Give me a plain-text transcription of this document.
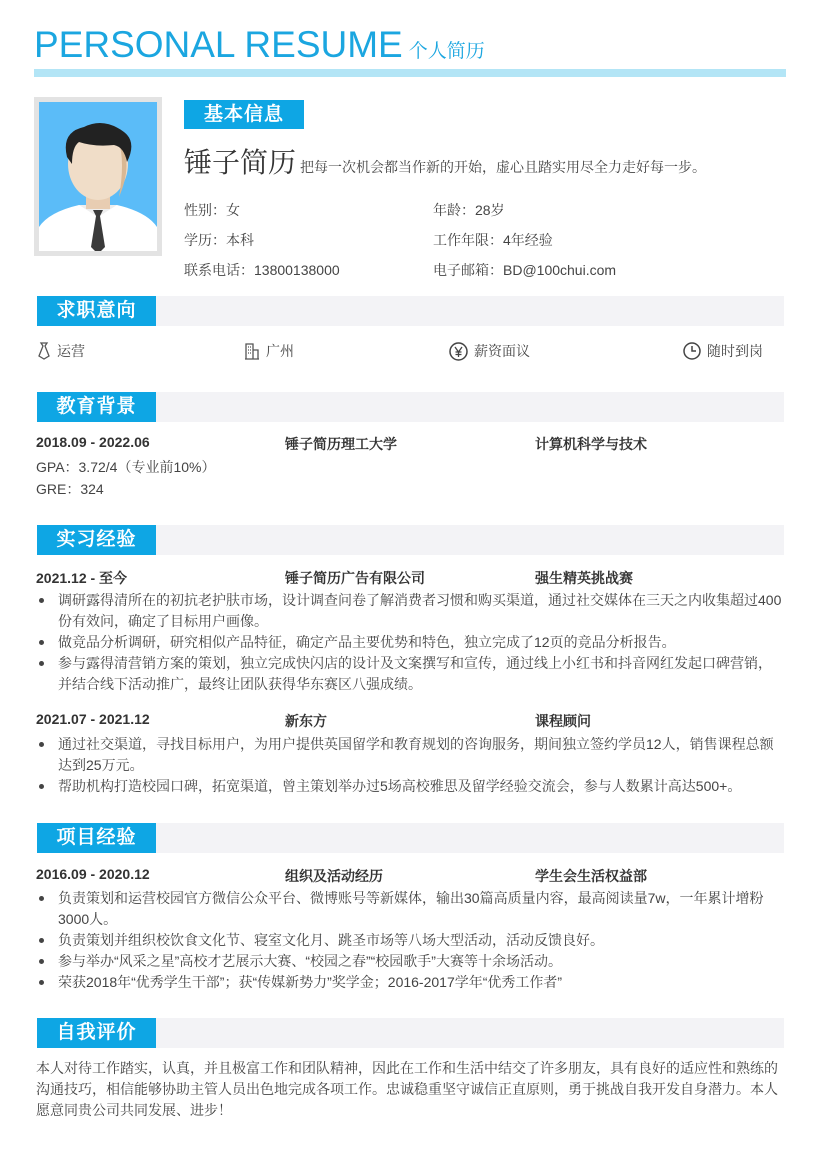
PERSONAL RESUME 个人简历
基本信息
锤子简历 把每一次机会都当作新的开始，虚心且踏实用尽全力走好每一步。
性别：女	年龄：28岁
学历：本科	工作年限：4年经验
联系电话：13800138000	电子邮箱：BD@100chui.com
求职意向
运营	广州	薪资面议	随时到岗
教育背景
2018.09 - 2022.06	锤子简历理工大学	计算机科学与技术
GPA：3.72/4（专业前10%）
GRE：324
实习经验
2021.12 - 至今	锤子简历广告有限公司	强生精英挑战赛
调研露得清所在的初抗老护肤市场，设计调查问卷了解消费者习惯和购买渠道，通过社交媒体在三天之内收集超过400份有效问，确定了目标用户画像。
做竞品分析调研，研究相似产品特征，确定产品主要优势和特色，独立完成了12页的竞品分析报告。
参与露得清营销方案的策划，独立完成快闪店的设计及文案撰写和宣传，通过线上小红书和抖音网红发起口碑营销，并结合线下活动推广，最终让团队获得华东赛区八强成绩。
2021.07 - 2021.12	新东方	课程顾问
通过社交渠道，寻找目标用户，为用户提供英国留学和教育规划的咨询服务，期间独立签约学员12人，销售课程总额达到25万元。
帮助机构打造校园口碑，拓宽渠道，曾主策划举办过5场高校雅思及留学经验交流会，参与人数累计高达500+。
项目经验
2016.09 - 2020.12	组织及活动经历	学生会生活权益部
负责策划和运营校园官方微信公众平台、微博账号等新媒体，输出30篇高质量内容，最高阅读量7w，一年累计增粉3000人。
负责策划并组织校饮食文化节、寝室文化月、跳圣市场等八场大型活动，活动反馈良好。
参与举办“风采之星”高校才艺展示大赛、“校园之春”“校园歌手”大赛等十余场活动。
荣获2018年“优秀学生干部”；获“传媒新势力”奖学金；2016-2017学年“优秀工作者”
自我评价
本人对待工作踏实，认真，并且极富工作和团队精神，因此在工作和生活中结交了许多朋友，具有良好的适应性和熟练的沟通技巧，相信能够协助主管人员出色地完成各项工作。忠诚稳重坚守诚信正直原则，勇于挑战自我开发自身潜力。本人愿意同贵公司共同发展、进步！
